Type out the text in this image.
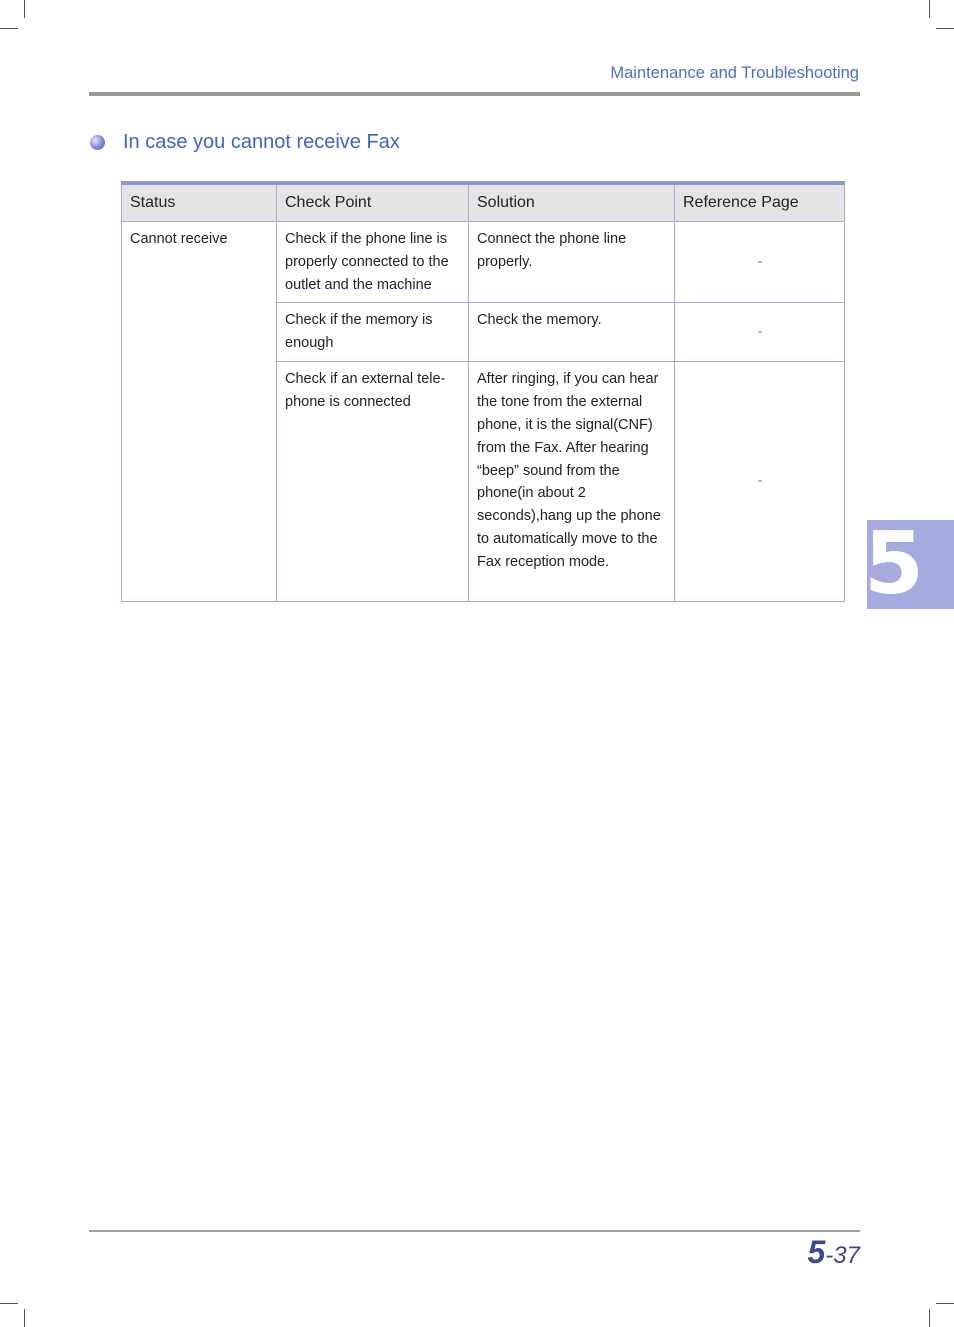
Maintenance and Troubleshooting
In case you cannot receive Fax
Status	Check Point	Solution	Reference Page
Cannot receive	Check if the phone line is properly connected to the outlet and the machine	Connect the phone line properly.	-
	Check if the memory is enough	Check the memory.	-
	Check if an external tele-phone is connected	After ringing, if you can hear the tone from the external phone, it is the signal(CNF) from the Fax. After hearing “beep” sound from the phone(in about 2 seconds),hang up the phone to automatically move to the Fax reception mode.	-
5
5-37
